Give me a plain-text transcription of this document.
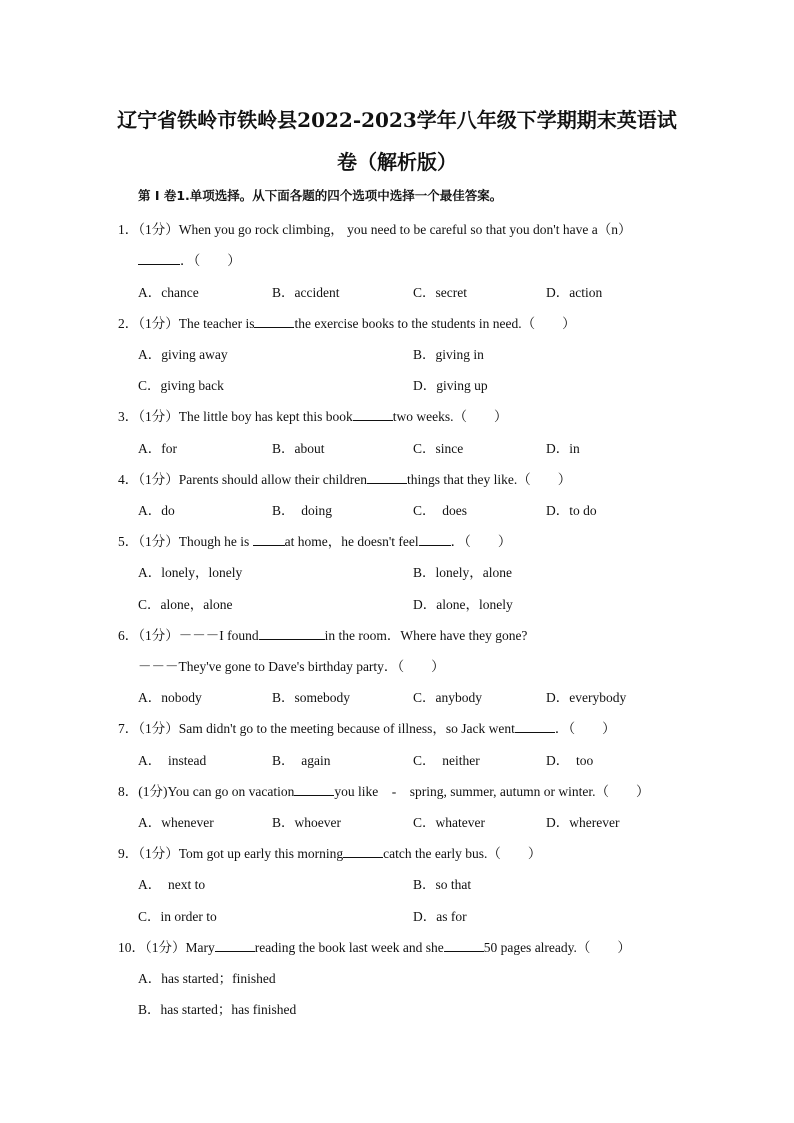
辽宁省铁岭市铁岭县2022-2023学年八年级下学期期末英语试
卷（解析版）
第 I 卷1.单项选择。从下面各题的四个选项中选择一个最佳答案。
1．（1分）When you go rock climbing， you need to be careful so that you don't have a（n）
．（　　）
A．chance	B．accident	C．secret	D．action
2．（1分）The teacher is	the exercise books to the students in need.（　　）
A．giving away	B．giving in
C．giving back	D．giving up
3．（1分）The little boy has kept this book	two weeks.（　　）
A．for	B．about	C．since	D．in
4．（1分）Parents should allow their children	things that they like.（　　）
A．do	B．　doing	C．　does	D．to do
5．（1分）Though he is at home，he doesn't feel ．（　　）
A．lonely，lonely	B．lonely，alone
C．alone，alone	D．alone，lonely
6．（1分）－－－I found	in the room．Where have they gone?
－－－They've gone to Dave's birthday party．（　　）
A．nobody	B．somebody	C．anybody	D．everybody
7．（1分）Sam didn't go to the meeting because of illness，so Jack went	．（　　）
A．　instead	B．　again	C．　neither	D．　too
8．(1分)You can go on vacation	you like　-　spring, summer, autumn or winter.（　　）
A．whenever	B．whoever	C．whatever	D．wherever
9．（1分）Tom got up early this morning	catch the early bus.（　　）
A．　next to	B．so that
C．in order to	D．as for
10．（1分）Mary	reading the book last week and she	50 pages already.（　　）
A．has started；finished
B．has started；has finished
